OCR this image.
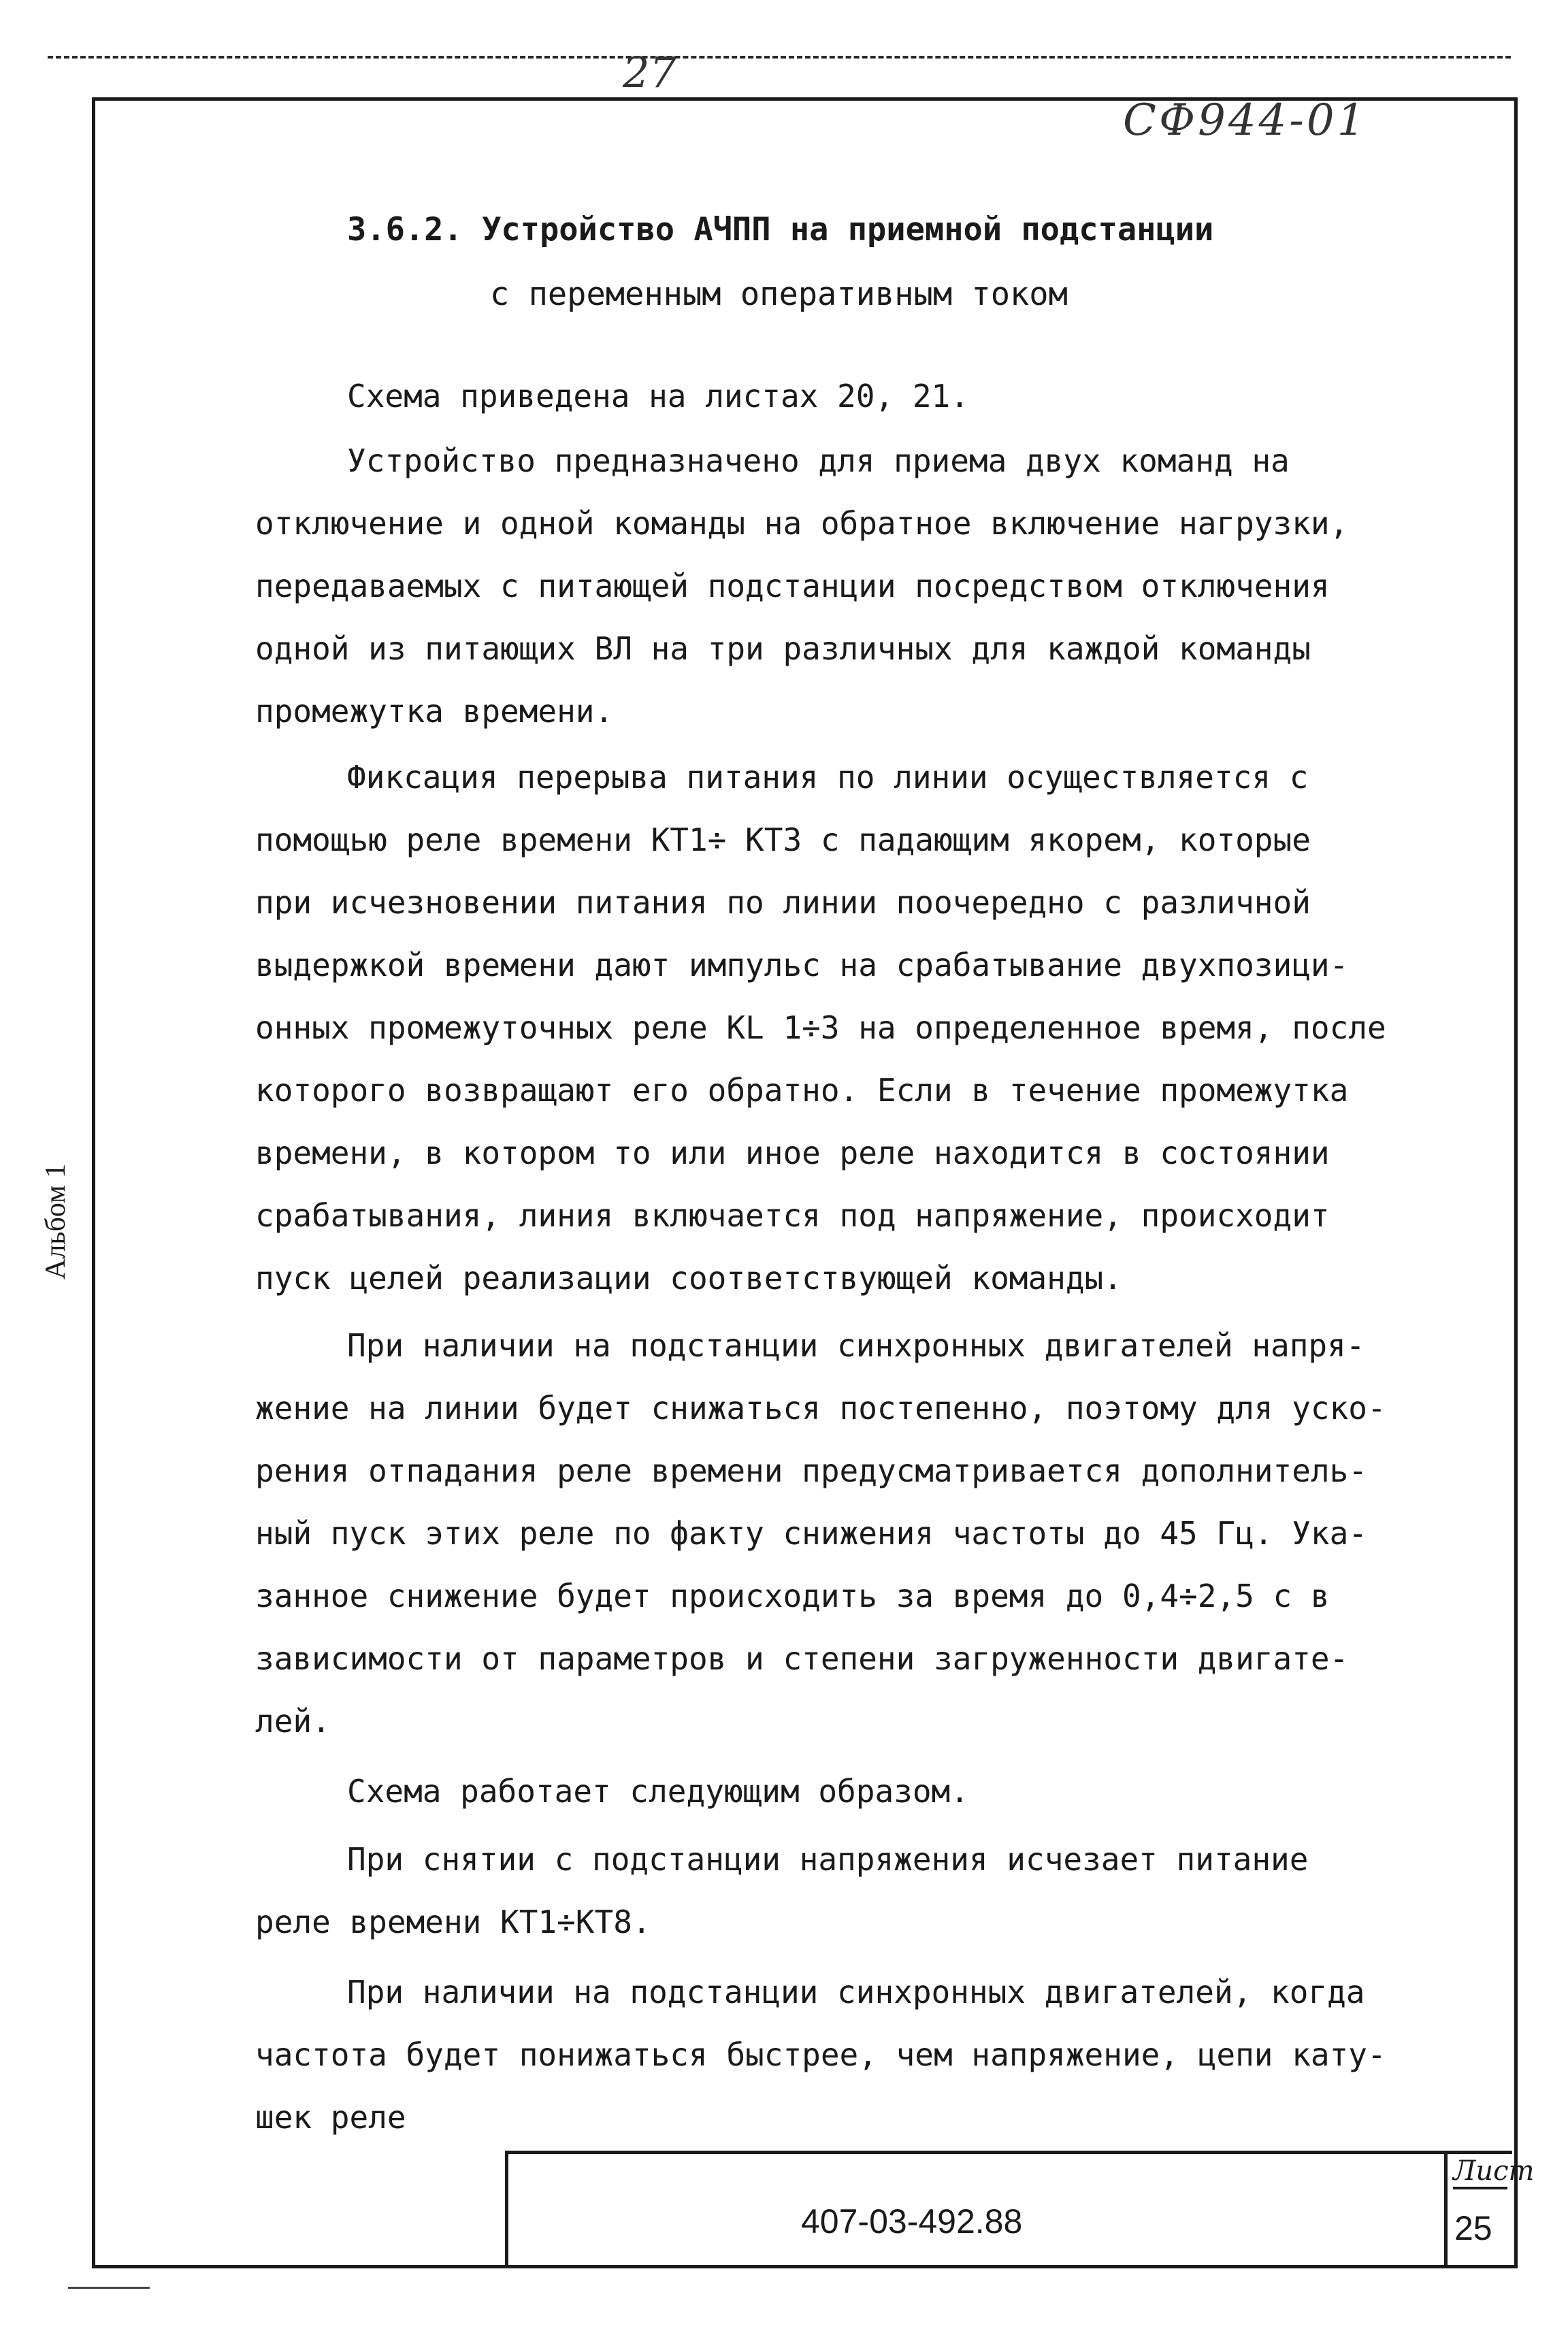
27
СФ944-01
Альбом 1
3.6.2. Устройство АЧПП на приемной подстанции
с переменным оперативным током
Схема приведена на листах 20, 21.
Устройство предназначено для приема двух команд на
отключение и одной команды на обратное включение нагрузки,
передаваемых с питающей подстанции посредством отключения
одной из питающих ВЛ на три различных для каждой команды
промежутка времени.
Фиксация перерыва питания по линии осуществляется с
помощью реле времени КТ1÷ КТ3 с падающим якорем, которые
при исчезновении питания по линии поочередно с различной
выдержкой времени дают импульс на срабатывание двухпозици-
онных промежуточных реле КL 1÷3 на определенное время, после
которого возвращают его обратно. Если в течение промежутка
времени, в котором то или иное реле находится в состоянии
срабатывания, линия включается под напряжение, происходит
пуск целей реализации соответствующей команды.
При наличии на подстанции синхронных двигателей напря-
жение на линии будет снижаться постепенно, поэтому для уско-
рения отпадания реле времени предусматривается дополнитель-
ный пуск этих реле по факту снижения частоты до 45 Гц. Ука-
занное снижение будет происходить за время до 0,4÷2,5 с в
зависимости от параметров и степени загруженности двигате-
лей.
Схема работает следующим образом.
При снятии с подстанции напряжения исчезает питание
реле времени КТ1÷КТ8.
При наличии на подстанции синхронных двигателей, когда
частота будет понижаться быстрее, чем напряжение, цепи кату-
шек реле
407-03-492.88
Лист
25
